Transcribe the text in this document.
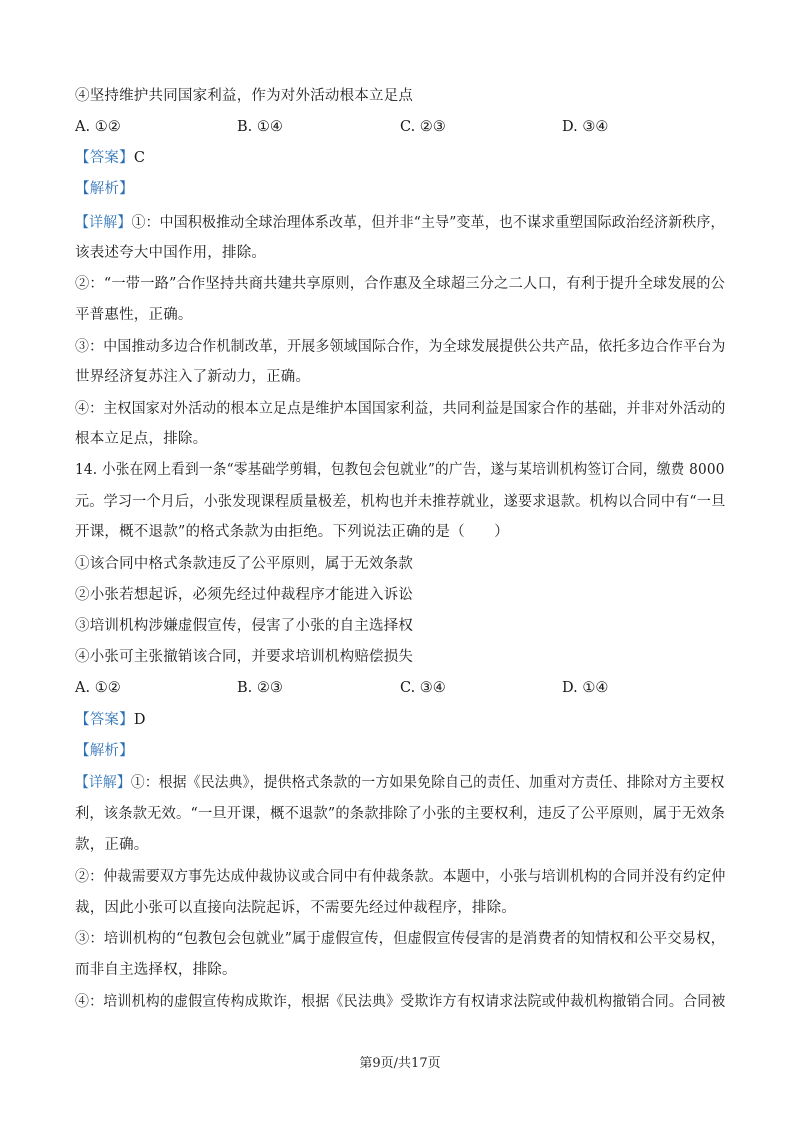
④坚持维护共同国家利益，作为对外活动根本立足点
A. ①②	B. ①④	C. ②③	D. ③④
【答案】C
【解析】
【详解】①：中国积极推动全球治理体系改革，但并非“主导”变革，也不谋求重塑国际政治经济新秩序，
该表述夸大中国作用，排除。
②：“一带一路”合作坚持共商共建共享原则，合作惠及全球超三分之二人口，有利于提升全球发展的公
平普惠性，正确。
③：中国推动多边合作机制改革，开展多领域国际合作，为全球发展提供公共产品，依托多边合作平台为
世界经济复苏注入了新动力，正确。
④：主权国家对外活动的根本立足点是维护本国国家利益，共同利益是国家合作的基础，并非对外活动的
根本立足点，排除。
14. 小张在网上看到一条“零基础学剪辑，包教包会包就业”的广告，遂与某培训机构签订合同，缴费 8000
元。学习一个月后，小张发现课程质量极差，机构也并未推荐就业，遂要求退款。机构以合同中有“一旦
开课，概不退款”的格式条款为由拒绝。下列说法正确的是（　　）
①该合同中格式条款违反了公平原则，属于无效条款
②小张若想起诉，必须先经过仲裁程序才能进入诉讼
③培训机构涉嫌虚假宣传，侵害了小张的自主选择权
④小张可主张撤销该合同，并要求培训机构赔偿损失
A. ①②	B. ②③	C. ③④	D. ①④
【答案】D
【解析】
【详解】①：根据《民法典》，提供格式条款的一方如果免除自己的责任、加重对方责任、排除对方主要权
利，该条款无效。“一旦开课，概不退款”的条款排除了小张的主要权利，违反了公平原则，属于无效条
款，正确。
②：仲裁需要双方事先达成仲裁协议或合同中有仲裁条款。本题中，小张与培训机构的合同并没有约定仲
裁，因此小张可以直接向法院起诉，不需要先经过仲裁程序，排除。
③：培训机构的“包教包会包就业”属于虚假宣传，但虚假宣传侵害的是消费者的知情权和公平交易权，
而非自主选择权，排除。
④：培训机构的虚假宣传构成欺诈，根据《民法典》受欺诈方有权请求法院或仲裁机构撤销合同。合同被
第9页/共17页
